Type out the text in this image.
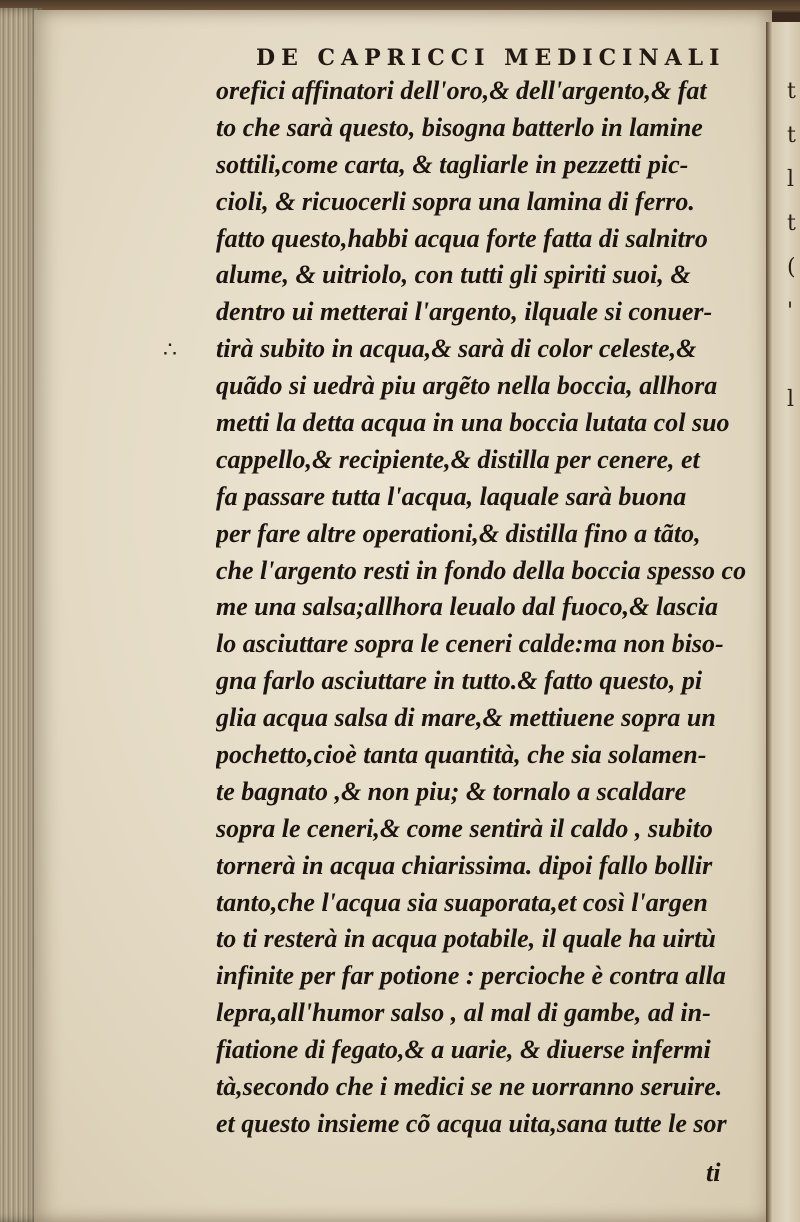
t
t
l
t
(
'
l
DE CAPRICCI MEDICINALI
∴
orefici affinatori dell'oro,& dell'argento,& fat
to che sarà questo, bisogna batterlo in lamine
sottili,come carta, & tagliarle in pezzetti pic-
cioli, & ricuocerli sopra una lamina di ferro.
fatto questo,habbi acqua forte fatta di salnitro
alume, & uitriolo, con tutti gli spiriti suoi, &
dentro ui metterai l'argento, ilquale si conuer-
tirà subito in acqua,& sarà di color celeste,&
quãdo si uedrà piu argẽto nella boccia, allhora
metti la detta acqua in una boccia lutata col suo
cappello,& recipiente,& distilla per cenere, et
fa passare tutta l'acqua, laquale sarà buona
per fare altre operationi,& distilla fino a tãto,
che l'argento resti in fondo della boccia spesso co
me una salsa;allhora leualo dal fuoco,& lascia
lo asciuttare sopra le ceneri calde:ma non biso-
gna farlo asciuttare in tutto.& fatto questo, pi
glia acqua salsa di mare,& mettiuene sopra un
pochetto,cioè tanta quantità, che sia solamen-
te bagnato ,& non piu; & tornalo a scaldare
sopra le ceneri,& come sentirà il caldo , subito
tornerà in acqua chiarissima. dipoi fallo bollir
tanto,che l'acqua sia suaporata,et così l'argen
to ti resterà in acqua potabile, il quale ha uirtù
infinite per far potione : percioche è contra alla
lepra,all'humor salso , al mal di gambe, ad in-
fiatione di fegato,& a uarie, & diuerse infermi
tà,secondo che i medici se ne uorranno seruire.
et questo insieme cõ acqua uita,sana tutte le sor
ti
